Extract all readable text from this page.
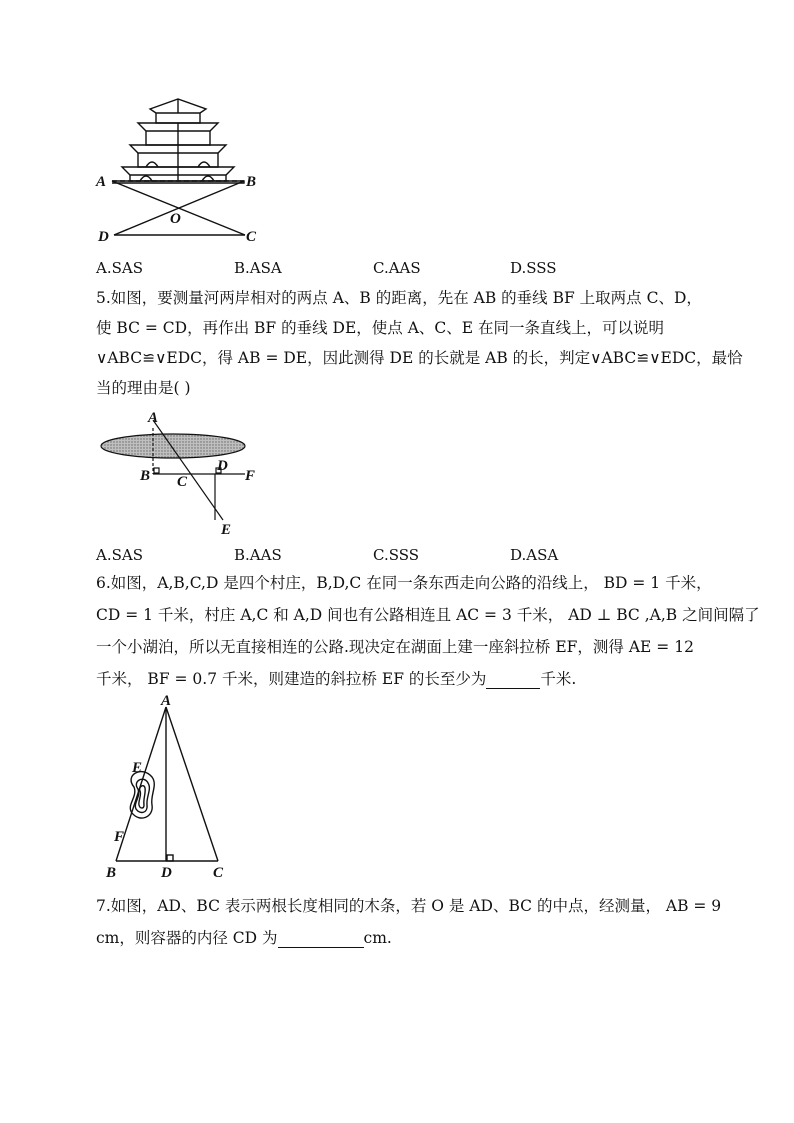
A	B
O
D	C
A.SAS	B.ASA	C.AAS	D.SSS
5.如图，要测量河两岸相对的两点 A、B 的距离，先在 AB 的垂线 BF 上取两点 C、D，
使 BC = CD，再作出 BF 的垂线 DE，使点 A、C、E 在同一条直线上，可以说明
∨ABC≌∨EDC，得 AB = DE，因此测得 DE 的长就是 AB 的长，判定∨ABC≌∨EDC，最恰
当的理由是( )
A
B C
D
F
E
A.SAS	B.AAS	C.SSS	D.ASA
6.如图，A,B,C,D 是四个村庄，B,D,C 在同一条东西走向公路的沿线上， BD = 1 千米，
CD = 1 千米，村庄 A,C 和 A,D 间也有公路相连且 AC = 3 千米， AD ⊥ BC ,A,B 之间间隔了
一个小湖泊，所以无直接相连的公路.现决定在湖面上建一座斜拉桥 EF，测得 AE = 12
千米， BF = 0.7 千米，则建造的斜拉桥 EF 的长至少为	千米.
A
E
F
B	D	C
7.如图，AD、BC 表示两根长度相同的木条，若 O 是 AD、BC 的中点，经测量， AB = 9
cm，则容器的内径 CD 为	cm.
